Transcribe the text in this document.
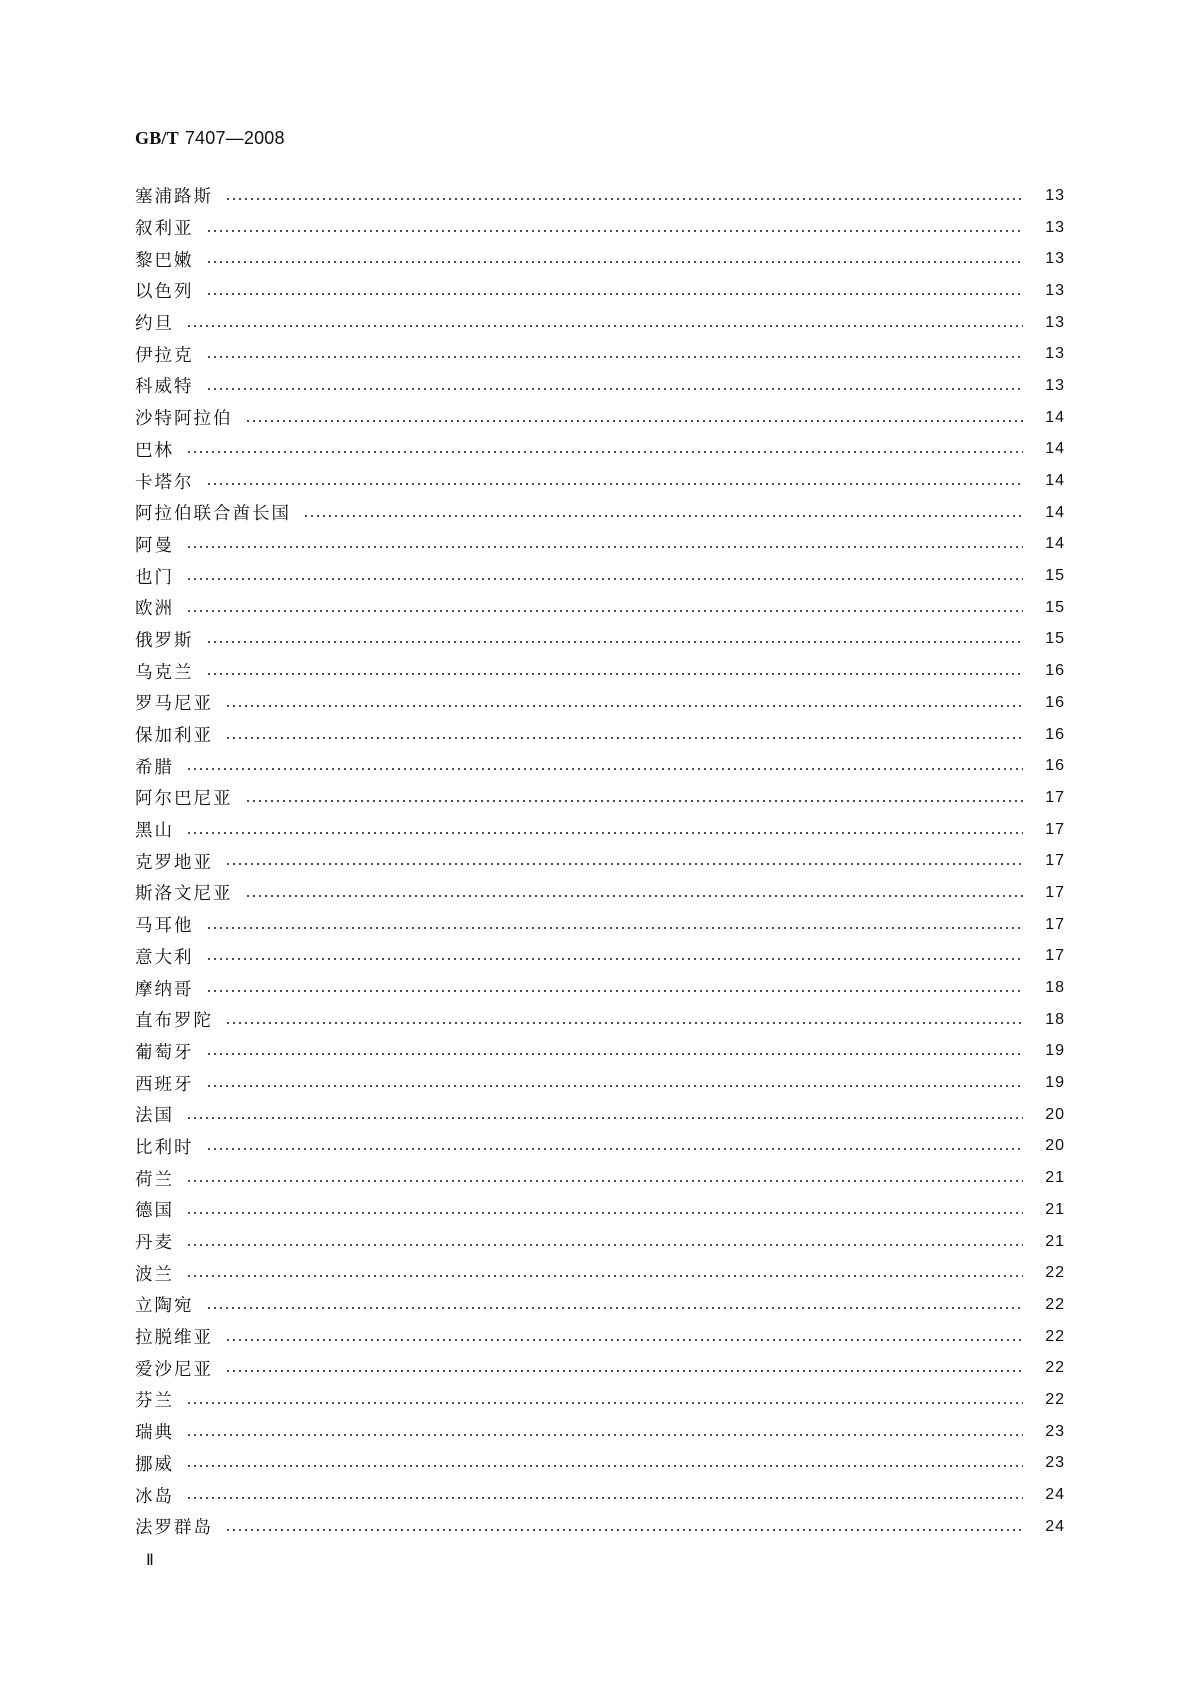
GB/T 7407—2008
塞浦路斯	13
叙利亚	13
黎巴嫩	13
以色列	13
约旦	13
伊拉克	13
科威特	13
沙特阿拉伯	14
巴林	14
卡塔尔	14
阿拉伯联合酋长国	14
阿曼	14
也门	15
欧洲	15
俄罗斯	15
乌克兰	16
罗马尼亚	16
保加利亚	16
希腊	16
阿尔巴尼亚	17
黑山	17
克罗地亚	17
斯洛文尼亚	17
马耳他	17
意大利	17
摩纳哥	18
直布罗陀	18
葡萄牙	19
西班牙	19
法国	20
比利时	20
荷兰	21
德国	21
丹麦	21
波兰	22
立陶宛	22
拉脱维亚	22
爱沙尼亚	22
芬兰	22
瑞典	23
挪威	23
冰岛	24
法罗群岛	24
Ⅱ
